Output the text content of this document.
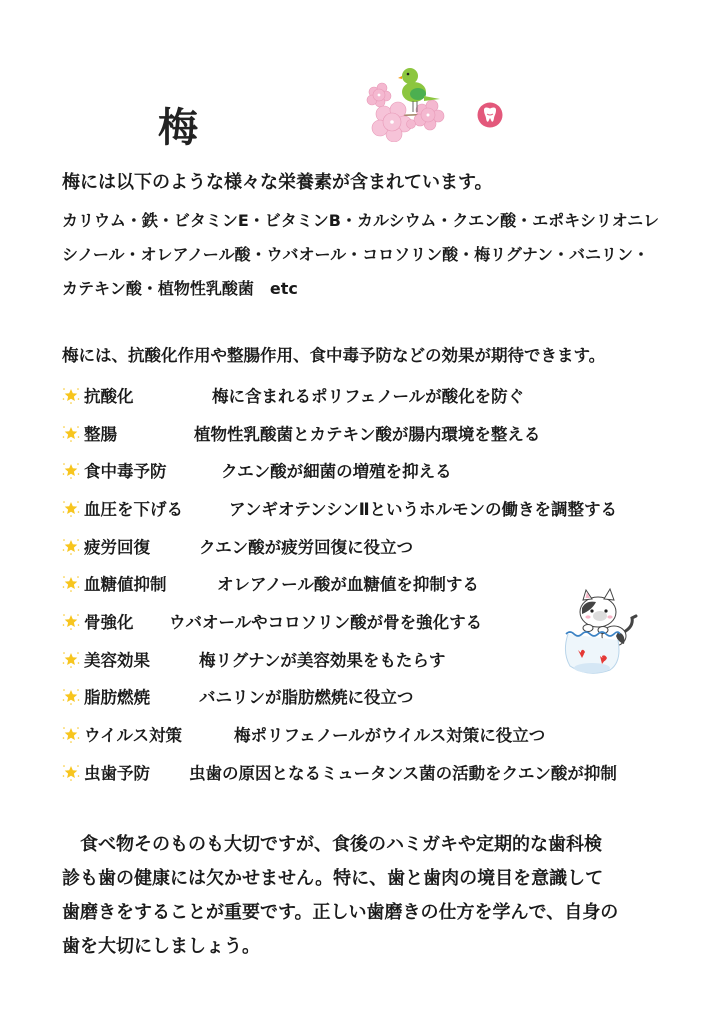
梅
梅には以下のような様々な栄養素が含まれています。
カリウム・鉄・ビタミンE・ビタミンB・カルシウム・クエン酸・エポキシリオニレ
シノール・オレアノール酸・ウバオール・コロソリン酸・梅リグナン・バニリン・
カテキン酸・植物性乳酸菌　etc
梅には、抗酸化作用や整腸作用、食中毒予防などの効果が期待できます。
抗酸化	梅に含まれるポリフェノールが酸化を防ぐ
整腸	植物性乳酸菌とカテキン酸が腸内環境を整える
食中毒予防	クエン酸が細菌の増殖を抑える
血圧を下げる	アンギオテンシンⅡというホルモンの働きを調整する
疲労回復	クエン酸が疲労回復に役立つ
血糖値抑制	オレアノール酸が血糖値を抑制する
骨強化	ウバオールやコロソリン酸が骨を強化する
美容効果	梅リグナンが美容効果をもたらす
脂肪燃焼	バニリンが脂肪燃焼に役立つ
ウイルス対策	梅ポリフェノールがウイルス対策に役立つ
虫歯予防	虫歯の原因となるミュータンス菌の活動をクエン酸が抑制
　食べ物そのものも大切ですが、食後のハミガキや定期的な歯科検
診も歯の健康には欠かせません。特に、歯と歯肉の境目を意識して
歯磨きをすることが重要です。正しい歯磨きの仕方を学んで、自身の
歯を大切にしましょう。
